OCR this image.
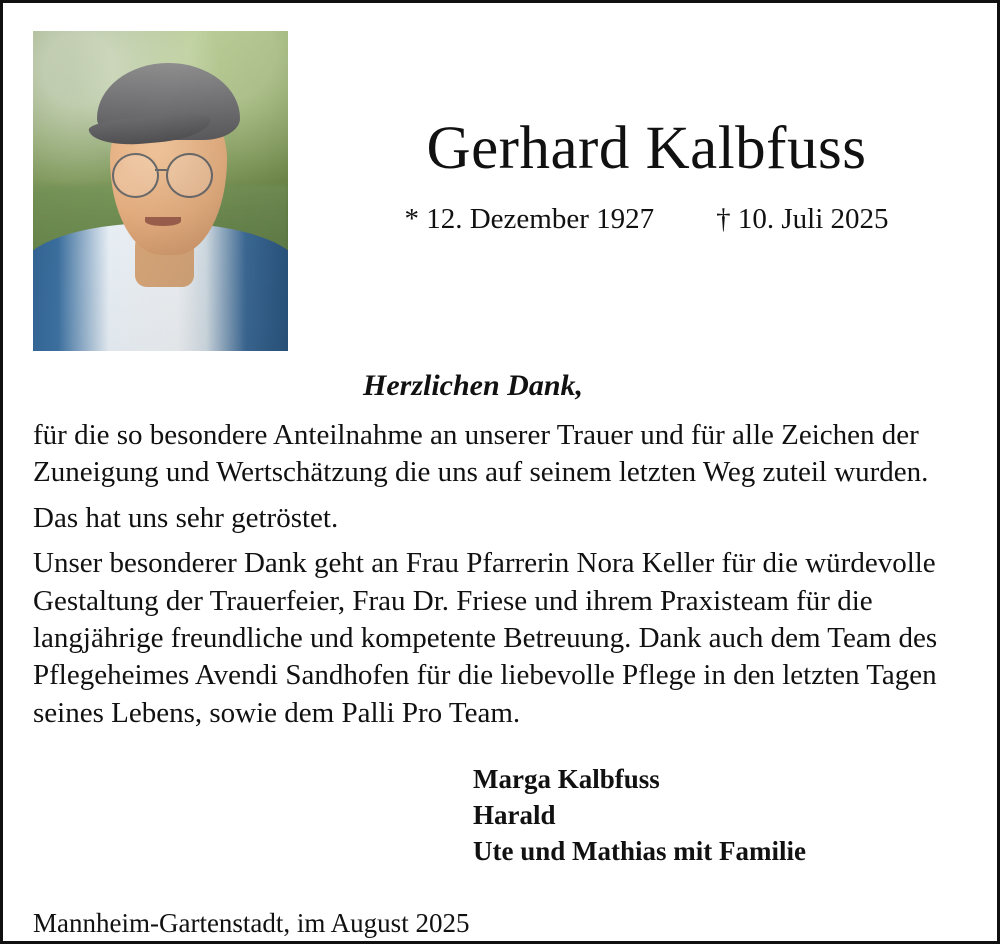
Gerhard Kalbfuss
* 12. Dezember 1927 † 10. Juli 2025
Herzlichen Dank,

für die so besondere Anteilnahme an unserer Trauer und für alle Zeichen der Zuneigung und Wertschätzung die uns auf seinem letzten Weg zuteil wurden.

Das hat uns sehr getröstet.

Unser besonderer Dank geht an Frau Pfarrerin Nora Keller für die würdevolle Gestaltung der Trauerfeier, Frau Dr. Friese und ihrem Praxisteam für die langjährige freundliche und kompetente Betreuung. Dank auch dem Team des Pflegeheimes Avendi Sandhofen für die liebevolle Pflege in den letzten Tagen seines Lebens, sowie dem Palli Pro Team.

Marga Kalbfuss
Harald
Ute und Mathias mit Familie
Mannheim-Gartenstadt, im August 2025
